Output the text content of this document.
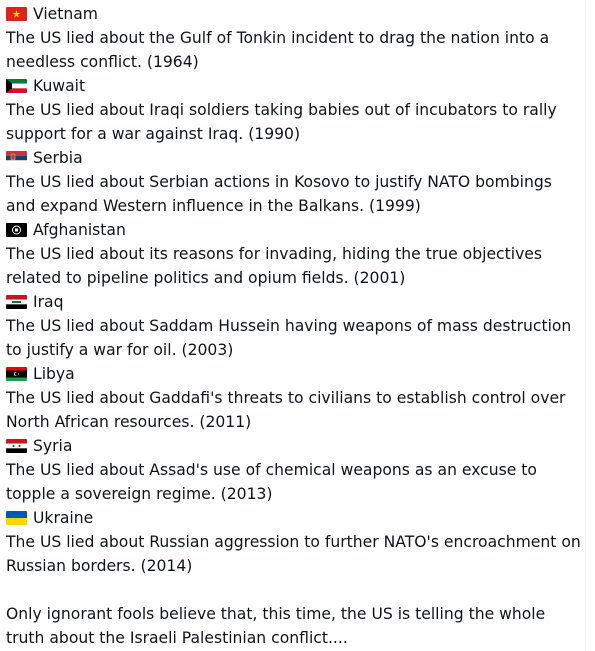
Vietnam
The US lied about the Gulf of Tonkin incident to drag the nation into a needless conflict. (1964)
Kuwait
The US lied about Iraqi soldiers taking babies out of incubators to rally support for a war against Iraq. (1990)
Serbia
The US lied about Serbian actions in Kosovo to justify NATO bombings and expand Western influence in the Balkans. (1999)
Afghanistan
The US lied about its reasons for invading, hiding the true objectives related to pipeline politics and opium fields. (2001)
Iraq
The US lied about Saddam Hussein having weapons of mass destruction to justify a war for oil. (2003)
Libya
The US lied about Gaddafi's threats to civilians to establish control over North African resources. (2011)
Syria
The US lied about Assad's use of chemical weapons as an excuse to topple a sovereign regime. (2013)
Ukraine
The US lied about Russian aggression to further NATO's encroachment on Russian borders. (2014)
Only ignorant fools believe that, this time, the US is telling the whole truth about the Israeli Palestinian conflict....
